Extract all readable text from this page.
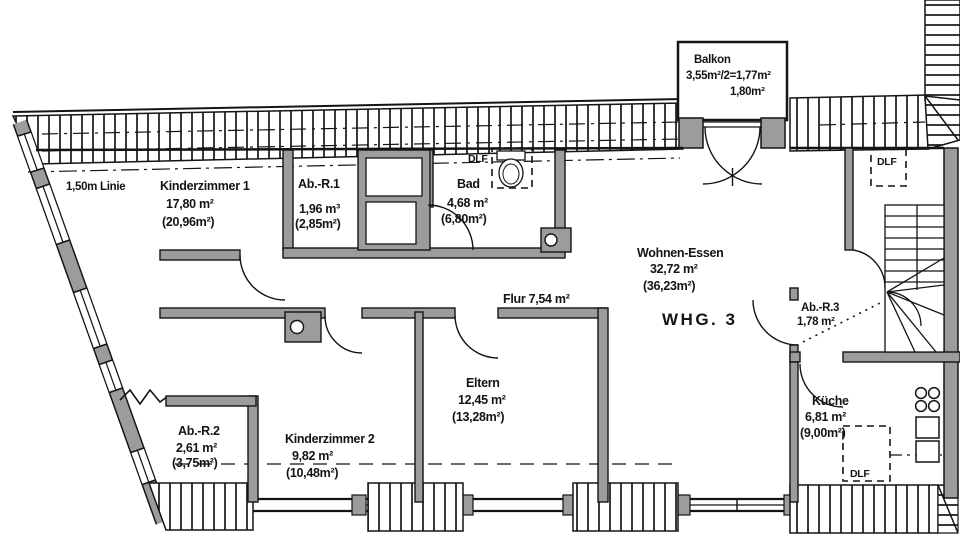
1,50m Linie	Kinderzimmer 1
17,80 m²
(20,96m²)
Ab.-R.1
1,96 m³
(2,85m²)
DLF
Bad
4,68 m²
(6,80m²)
Balkon
3,55m²/2=1,77m²
1,80m²
Wohnen-Essen
32,72 m²
(36,23m²)
WHG. 3
Flur 7,54 m²
Ab.-R.3
1,78 m²
DLF
Küche
6,81 m²
(9,00m²)
DLF
Eltern
12,45 m²
(13,28m²)
Kinderzimmer 2
9,82 m²
(10,48m²)
Ab.-R.2
2,61 m²
(3,75m²)
